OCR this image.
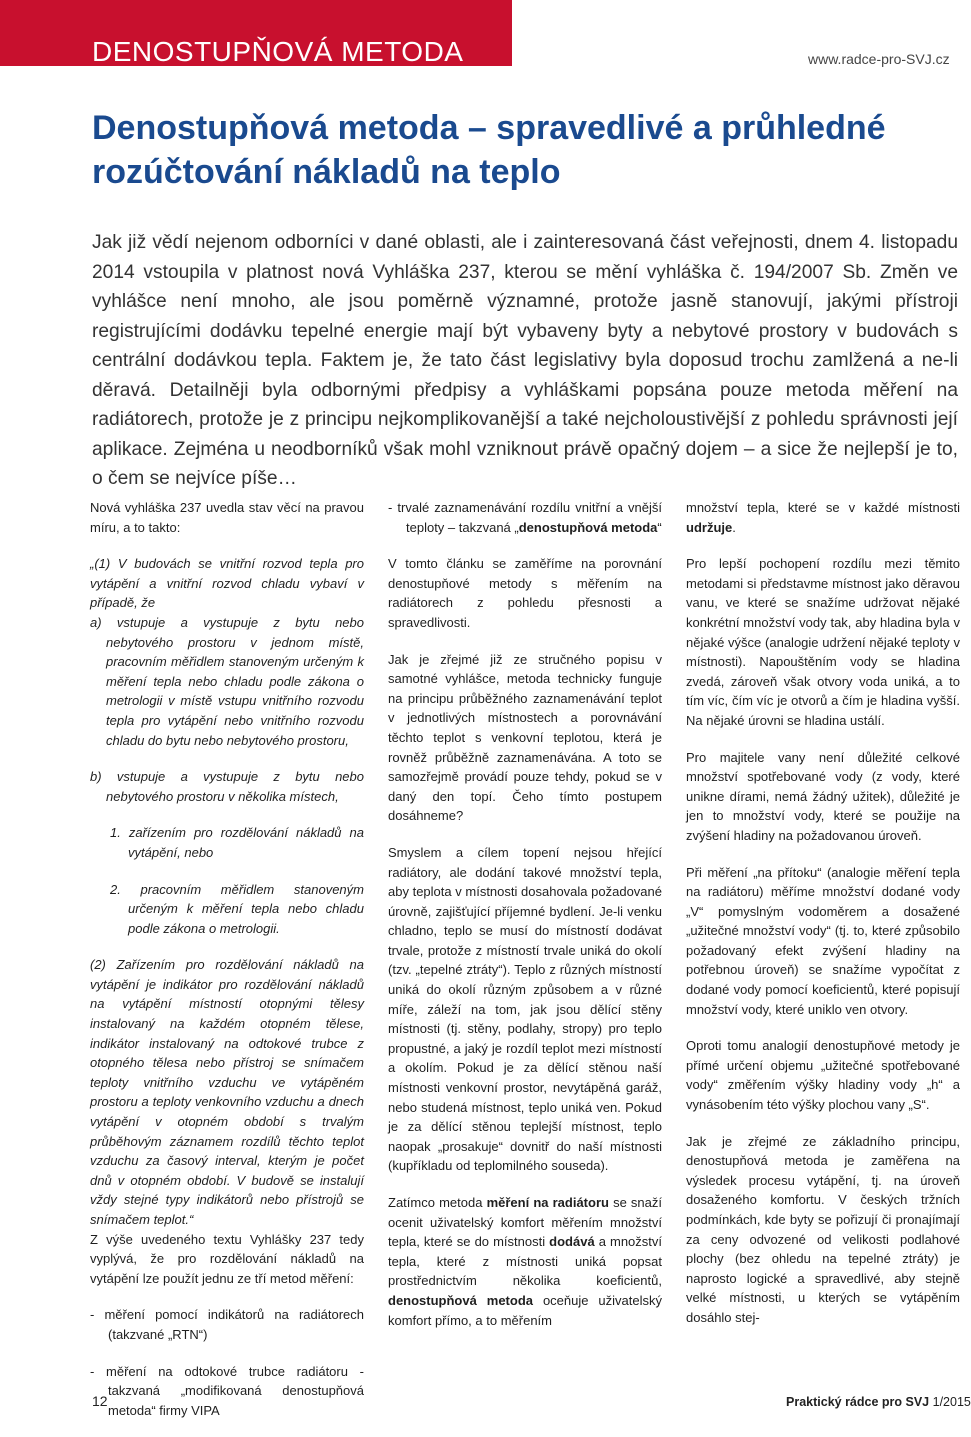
DENOSTUPŇOVÁ METODA	www.radce-pro-SVJ.cz
Denostupňová metoda – spravedlivé a průhledné rozúčtování nákladů na teplo

Jak již vědí nejenom odborníci v dané oblasti, ale i zainteresovaná část veřejnosti, dnem 4. listopadu 2014 vstoupila v platnost nová Vyhláška 237, kterou se mění vyhláška č. 194/2007 Sb. Změn ve vyhlášce není mnoho, ale jsou poměrně významné, protože jasně stanovují, jakými přístroji registrujícími dodávku tepelné energie mají být vybaveny byty a nebytové prostory v budovách s centrální dodávkou tepla. Faktem je, že tato část legislativy byla doposud trochu zamlžená a ne-li děravá. Detailněji byla odbornými předpisy a vyhláškami popsána pouze metoda měření na radiátorech, protože je z principu nejkomplikovanější a také nejcholoustivější z pohledu správnosti její aplikace. Zejména u neodborníků však mohl vzniknout právě opačný dojem – a sice že nejlepší je to, o čem se nejvíce píše…

Nová vyhláška 237 uvedla stav věcí na pravou míru, a to takto:

„(1) V budovách se vnitřní rozvod tepla pro vytápění a vnitřní rozvod chladu vybaví v případě, že

a) vstupuje a vystupuje z bytu nebo nebytového prostoru v jednom místě, pracovním měřidlem stanoveným určeným k měření tepla nebo chladu podle zákona o metrologii v místě vstupu vnitřního rozvodu tepla pro vytápění nebo vnitřního rozvodu chladu do bytu nebo nebytového prostoru,

b) vstupuje a vystupuje z bytu nebo nebytového prostoru v několika místech,

1. zařízením pro rozdělování nákladů na vytápění, nebo

2. pracovním měřidlem stanoveným určeným k měření tepla nebo chladu podle zákona o metrologii.

(2) Zařízením pro rozdělování nákladů na vytápění je indikátor pro rozdělování nákladů na vytápění místností otopnými tělesy instalovaný na každém otopném tělese, indikátor instalovaný na odtokové trubce z otopného tělesa nebo přístroj se snímačem teploty vnitřního vzduchu ve vytápěném prostoru a teploty venkovního vzduchu a dnech vytápění v otopném období s trvalým průběhovým záznamem rozdílů těchto teplot vzduchu za časový interval, kterým je počet dnů v otopném období. V budově se instalují vždy stejné typy indikátorů nebo přístrojů se snímačem teplot.“

Z výše uvedeného textu Vyhlášky 237 tedy vyplývá, že pro rozdělování nákladů na vytápění lze použít jednu ze tří metod měření:

- měření pomocí indikátorů na radiátorech (takzvané „RTN“)

- měření na odtokové trubce radiátoru - takzvaná „modifikovaná denostupňová metoda“ firmy VIPA

- trvalé zaznamenávání rozdílu vnitřní a vnější teploty – takzvaná „denostupňová metoda“

V tomto článku se zaměříme na porovnání denostupňové metody s měřením na radiátorech z pohledu přesnosti a spravedlivosti.

Jak je zřejmé již ze stručného popisu v samotné vyhlášce, metoda technicky funguje na principu průběžného zaznamenávání teplot v jednotlivých místnostech a porovnávání těchto teplot s venkovní teplotou, která je rovněž průběžně zaznamenávána. A toto se samozřejmě provádí pouze tehdy, pokud se v daný den topí. Čeho tímto postupem dosáhneme?

Smyslem a cílem topení nejsou hřející radiátory, ale dodání takové množství tepla, aby teplota v místnosti dosahovala požadované úrovně, zajišťující příjemné bydlení. Je-li venku chladno, teplo se musí do místností dodávat trvale, protože z místností trvale uniká do okolí (tzv. „tepelné ztráty“). Teplo z různých místností uniká do okolí různým způsobem a v různé míře, záleží na tom, jak jsou dělící stěny místnosti (tj. stěny, podlahy, stropy) pro teplo propustné, a jaký je rozdíl teplot mezi místností a okolím. Pokud je za dělící stěnou naší místnosti venkovní prostor, nevytápěná garáž, nebo studená místnost, teplo uniká ven. Pokud je za dělící stěnou teplejší místnost, teplo naopak „prosakuje“ dovnitř do naší místnosti (kupříkladu od teplomilného souseda).

Zatímco metoda měření na radiátoru se snaží ocenit uživatelský komfort měřením množství tepla, které se do místnosti dodává a množství tepla, které z místnosti uniká popsat prostřednictvím několika koeficientů, denostupňová metoda oceňuje uživatelský komfort přímo, a to měřením

množství tepla, které se v každé místnosti udržuje.

Pro lepší pochopení rozdílu mezi těmito metodami si představme místnost jako děravou vanu, ve které se snažíme udržovat nějaké konkrétní množství vody tak, aby hladina byla v nějaké výšce (analogie udržení nějaké teploty v místnosti). Napouštěním vody se hladina zvedá, zároveň však otvory voda uniká, a to tím víc, čím víc je otvorů a čím je hladina vyšší. Na nějaké úrovni se hladina ustálí.

Pro majitele vany není důležité celkové množství spotřebované vody (z vody, které unikne dírami, nemá žádný užitek), důležité je jen to množství vody, které se použije na zvýšení hladiny na požadovanou úroveň.

Při měření „na přítoku“ (analogie měření tepla na radiátoru) měříme množství dodané vody „V“ pomyslným vodoměrem a dosažené „užitečné množství vody“ (tj. to, které způsobilo požadovaný efekt zvýšení hladiny na potřebnou úroveň) se snažíme vypočítat z dodané vody pomocí koeficientů, které popisují množství vody, které uniklo ven otvory.

Oproti tomu analogií denostupňové metody je přímé určení objemu „užitečné spotřebované vody“ změřením výšky hladiny vody „h“ a vynásobením této výšky plochou vany „S“.

Jak je zřejmé ze základního principu, denostupňová metoda je zaměřena na výsledek procesu vytápění, tj. na úroveň dosaženého komfortu. V českých tržních podmínkách, kde byty se pořizují či pronajímají za ceny odvozené od velikosti podlahové plochy (bez ohledu na tepelné ztráty) je naprosto logické a spravedlivé, aby stejně velké místnosti, u kterých se vytápěním dosáhlo stej-

12	Praktický rádce pro SVJ 1/2015
